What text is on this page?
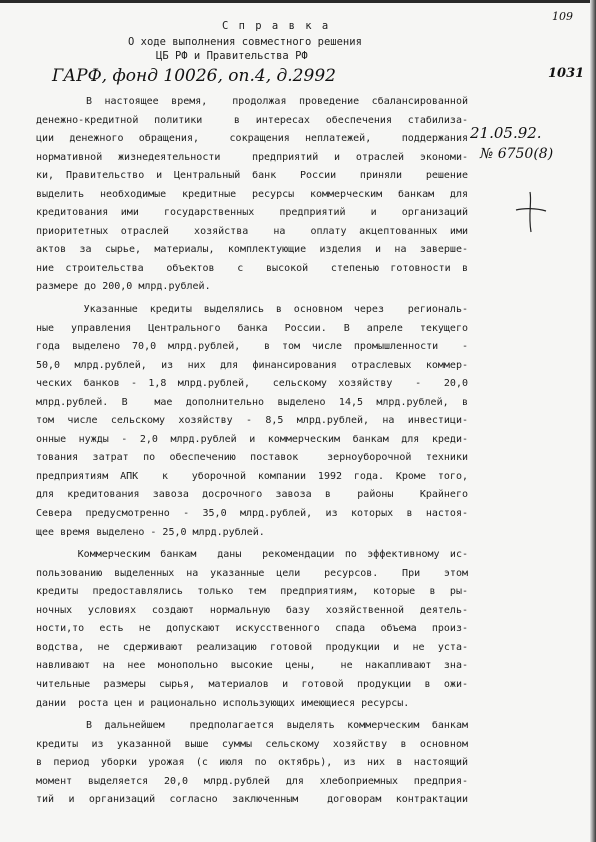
С п р а в к а
О ходе выполнения совместного решения
ЦБ РФ и Правительства РФ
ГАРФ, фонд 10026, оп.4, д.2992
109
1031
21.05.92.
№ 6750(8)
В настоящее время,  продолжая проведение сбалансированной
денежно-кредитной политики  в интересах обеспечения стабилиза-
ции денежного обращения,  сокращения неплатежей,  поддержания
нормативной жизнедеятельности  предприятий и отраслей экономи-
ки, Правительство и Центральный банк  России  приняли  решение
выделить необходимые кредитные ресурсы коммерческим банкам для
кредитования ими  государственных  предприятий  и  организаций
приоритетных отраслей  хозяйства  на  оплату акцептованных ими
актов за сырье, материалы, комплектующие изделия и на заверше-
ние строительства  объектов  с  высокой  степенью готовности в
размере до 200,0 млрд.рублей.
Указанные кредиты выделялись в основном через  региональ-
ные управления Центрального банка России. В апреле текущего
года выделено 70,0 млрд.рублей,  в том числе промышленности  -
50,0 млрд.рублей, из них для финансирования отраслевых коммер-
ческих банков - 1,8 млрд.рублей,  сельскому хозяйству  -  20,0
млрд.рублей. В  мае дополнительно выделено 14,5 млрд.рублей, в
том числе сельскому хозяйству - 8,5 млрд.рублей, на инвестици-
онные нужды - 2,0 млрд.рублей и коммерческим банкам для креди-
тования затрат по обеспечению поставок  зерноуборочной техники
предприятиям АПК  к  уборочной компании 1992 года. Кроме того,
для кредитования завоза досрочного завоза в  районы  Крайнего
Севера предусмотренно - 35,0 млрд.рублей, из которых в настоя-
щее время выделено - 25,0 млрд.рублей.
Коммерческим банкам  даны  рекомендации по эффективному ис-
пользованию выделенных на указанные цели  ресурсов.  При  этом
кредиты предоставлялись только тем предприятиям, которые в ры-
ночных условиях создают нормальную базу хозяйственной деятель-
ности,то есть не допускают искусственного спада объема произ-
водства, не сдерживают реализацию готовой продукции и не уста-
навливают на нее монопольно высокие цены,  не накапливают зна-
чительные размеры сырья, материалов и готовой продукции в ожи-
дании  роста цен и рационально использующих имеющиеся ресурсы.
В дальнейшем  предполагается выделять коммерческим банкам
кредиты из указанной выше суммы сельскому хозяйству в основном
в период уборки урожая (с июля по октябрь), из них в настоящий
момент выделяется 20,0 млрд.рублей для хлебоприемных предприя-
тий и организаций согласно заключенным  договорам контрактации
